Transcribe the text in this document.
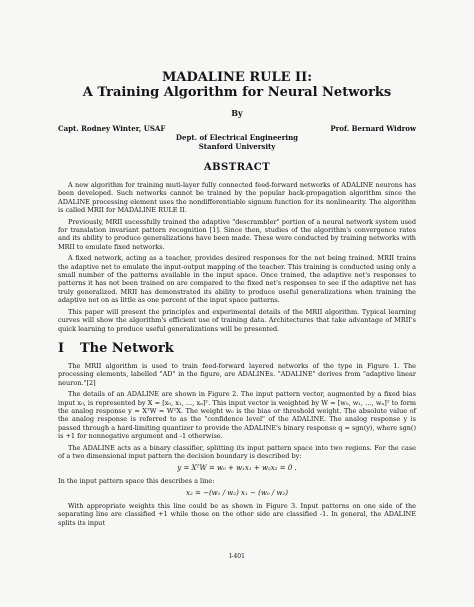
MADALINE RULE II:
A Training Algorithm for Neural Networks
By
Capt. Rodney Winter, USAF	Prof. Bernard Widrow
Dept. of Electrical Engineering
Stanford University
ABSTRACT

A new algorithm for training muti-layer fully connected feed-forward networks of ADALINE neurons has been developed. Such networks cannot be trained by the popular back-propagation algorithm since the ADALINE processing element uses the nondifferentiable signum function for its nonlinearity. The algorithm is called MRII for MADALINE RULE II.

Previously, MRII sucessfully trained the adaptive "descrambler" portion of a neural network system used for translation invariant pattern recognition [1]. Since then, studies of the algorithm's convergence rates and its ability to produce generalizations have been made. These were conducted by training networks with MRII to emulate fixed networks.

A fixed network, acting as a teacher, provides desired responses for the net being trained. MRII trains the adaptive net to emulate the input-output mapping of the teacher. This training is conducted using only a small number of the patterns available in the input space. Once trained, the adaptive net's responses to patterns it has not been trained on are compared to the fixed net's responses to see if the adaptive net has truly generalized. MRII has demonstrated its ability to produce useful generalizations when training the adaptive net on as little as one percent of the input space patterns.

This paper will present the principles and experimental details of the MRII algorithm. Typical learning curves will show the algorithm's efficient use of training data. Architectures that take advantage of MRII's quick learning to produce useful generalizations will be presented.

I The Network

The MRII algorithm is used to train feed-forward layered networks of the type in Figure 1. The processing elements, labelled "AD" in the figure, are ADALINEs. "ADALINE" derives from "adaptive linear neuron."[2]

The details of an ADALINE are shown in Figure 2. The input pattern vector, augmented by a fixed bias input x₀, is represented by X = [x₀, x₁, …, xₙ]ᵀ. This input vector is weighted by W = [w₀, w₁, …, wₙ]ᵀ to form the analog response y = XᵀW = WᵀX. The weight w₀ is the bias or threshold weight. The absolute value of the analog response is referred to as the "confidence level" of the ADALINE. The analog response y is passed through a hard-limiting quantizer to provide the ADALINE's binary response q = sgn(y), where sgn() is +1 for nonnegative argument and -1 otherwise.

The ADALINE acts as a binary classifier, splitting its input pattern space into two regions. For the case of a two dimensional input pattern the decision boundary is described by:

y = XᵀW = w₀ + w₁x₁ + w₂x₂ = 0 .

In the input pattern space this describes a line:

x₂ = −(w₁ / w₂) x₁ − (w₀ / w₂)

With appropriate weights this line could be as shown in Figure 3. Input patterns on one side of the separating line are classified +1 while those on the other side are classified -1. In general, the ADALINE splits its input

I-401
